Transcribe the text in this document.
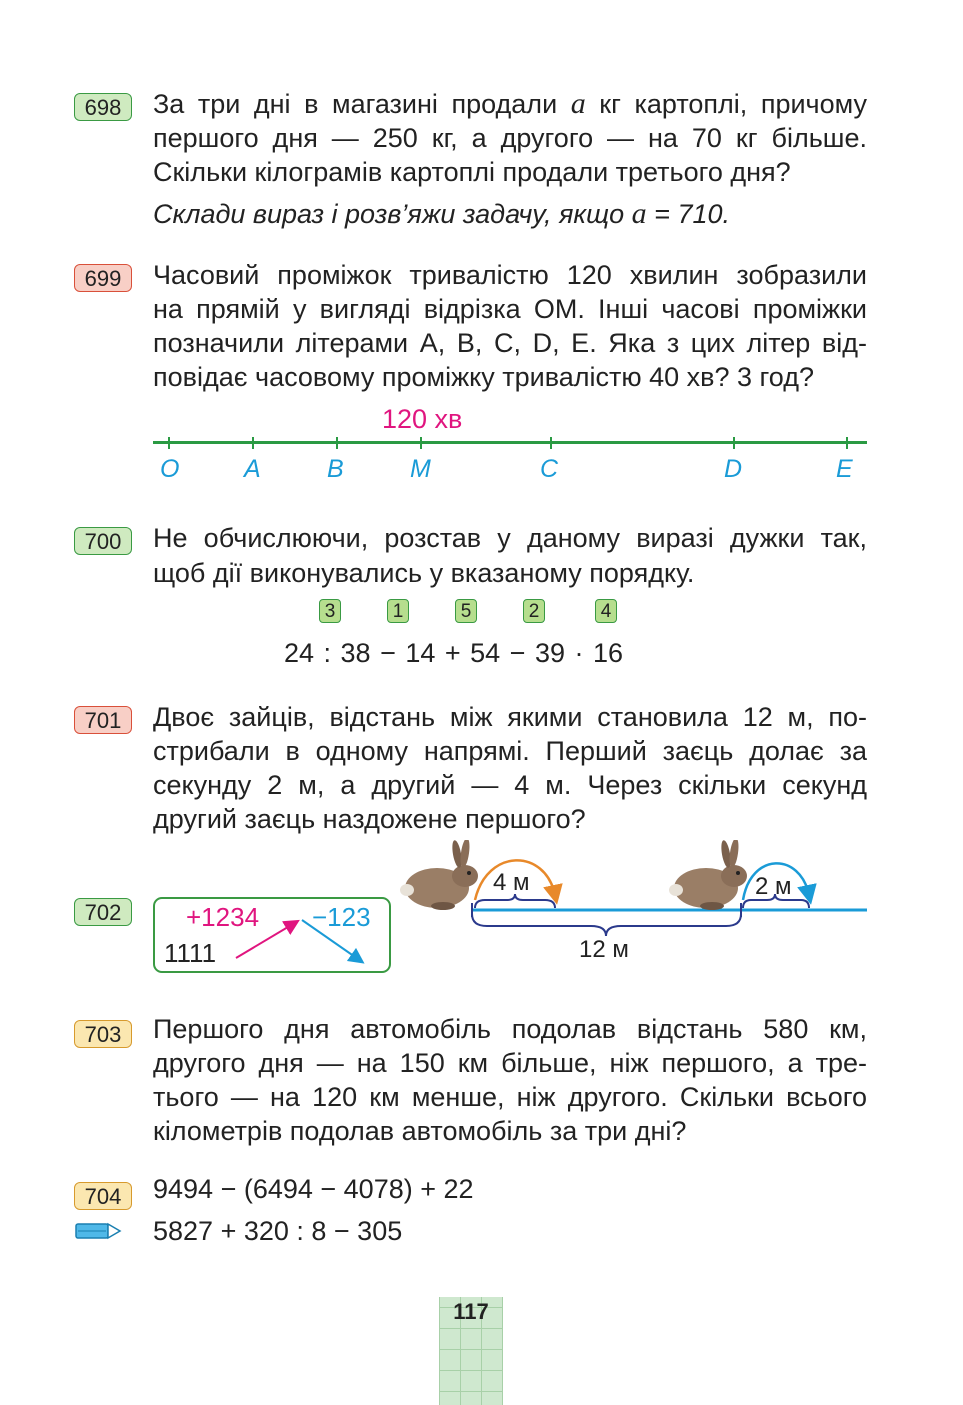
698	За три дні в магазині продали a кг картоплі, причому
першого дня — 250 кг, а другого — на 70 кг більше.
Скільки кілограмів картоплі продали третього дня?
Склади вираз і розв’яжи задачу, якщо a = 710.
699	Часовий проміжок тривалістю 120 хвилин зобразили
на прямій у вигляді відрізка OM. Інші часові проміжки
позначили літерами A, B, C, D, E. Яка з цих літер від-
повідає часовому проміжку тривалістю 40 хв? 3 год?
120 хв
O	A	B	M	C	D	E
700	Не обчислюючи, розстав у даному виразі дужки так,
щоб дії виконувались у вказаному порядку.
3	1	5	2	4
24 : 38 − 14 + 54 − 39 · 16
701	Двоє зайців, відстань між якими становила 12 м, по-
стрибали в одному напрямі. Перший заєць долає за
секунду 2 м, а другий — 4 м. Через скільки секунд
другий заєць наздожене першого?
4 м	2 м
12 м
702	+1234 −123
1111
703	Першого дня автомобіль подолав відстань 580 км,
другого дня — на 150 км більше, ніж першого, а тре-
тього — на 120 км менше, ніж другого. Скільки всього
кілометрів подолав автомобіль за три дні?
704	9494 − (6494 − 4078) + 22
5827 + 320 : 8 − 305
117
